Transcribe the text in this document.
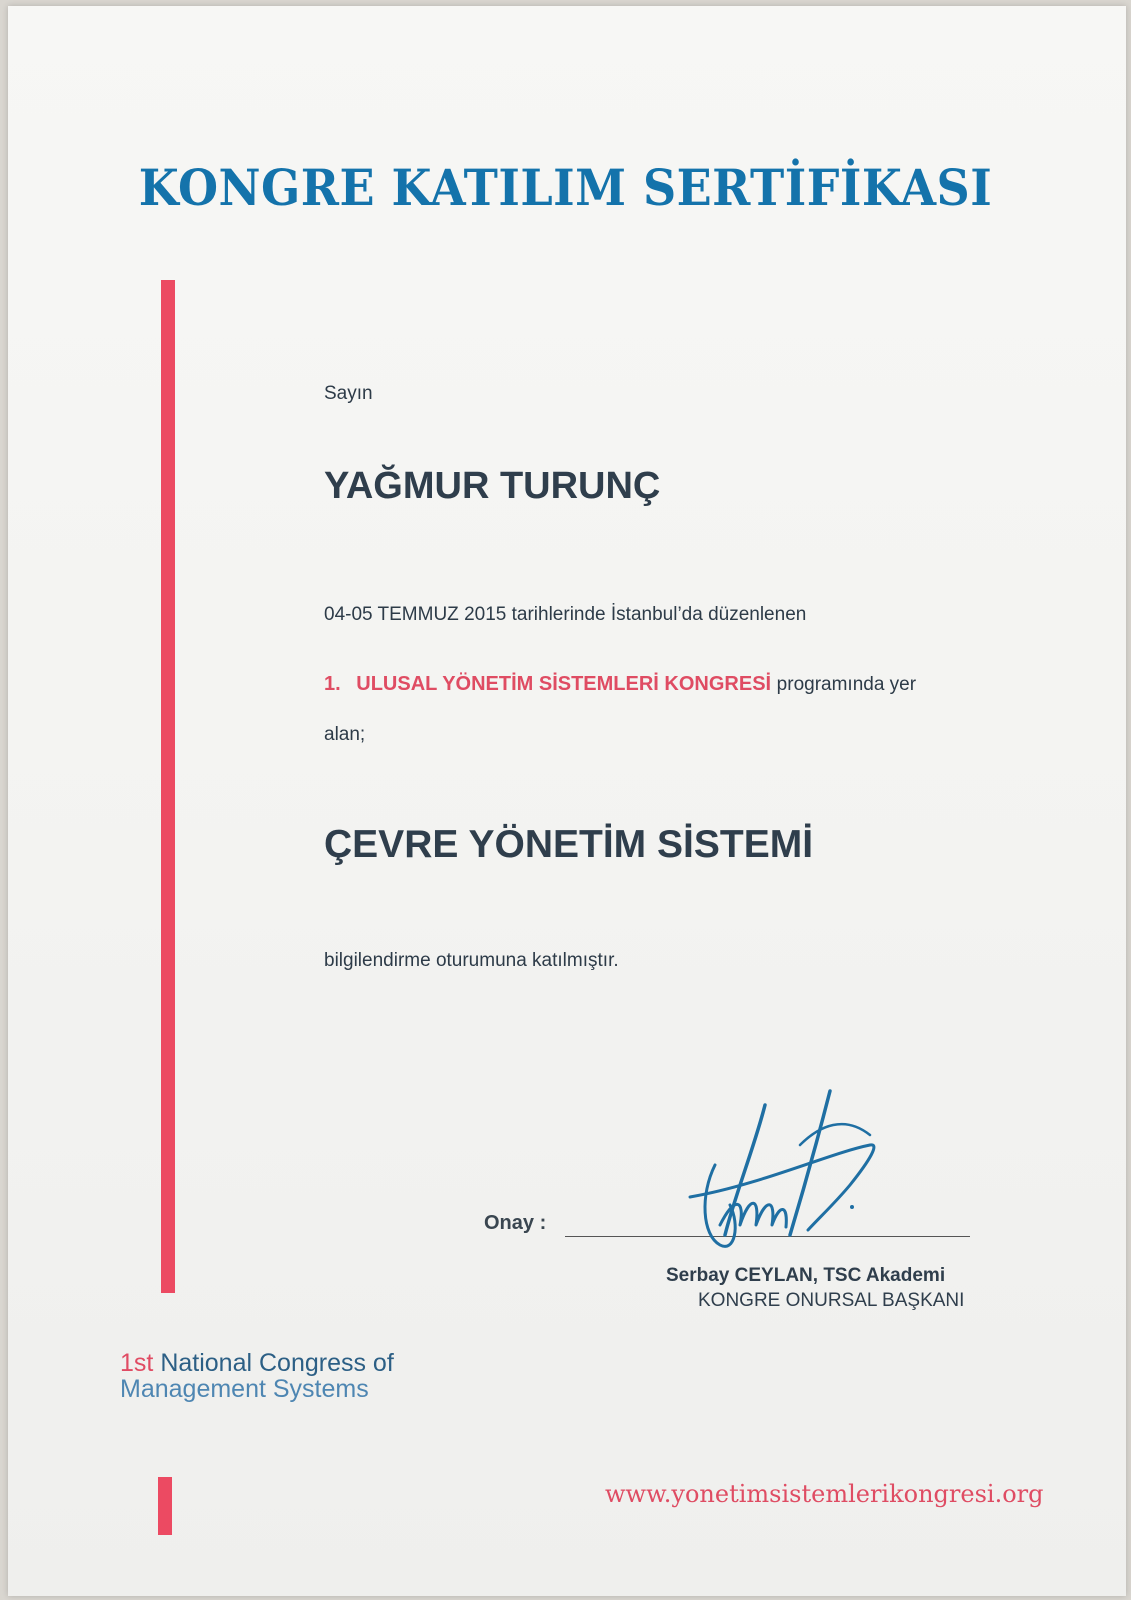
KONGRE KATILIM SERTİFİKASI
Sayın
YAĞMUR TURUNÇ
04-05 TEMMUZ 2015 tarihlerinde İstanbul’da düzenlenen
1. ULUSAL YÖNETİM SİSTEMLERİ KONGRESİ programında yer
alan;
ÇEVRE YÖNETİM SİSTEMİ
bilgilendirme oturumuna katılmıştır.
Onay :
Serbay CEYLAN, TSC Akademi
KONGRE ONURSAL BAŞKANI
1st National Congress of
Management Systems
www.yonetimsistemlerikongresi.org
